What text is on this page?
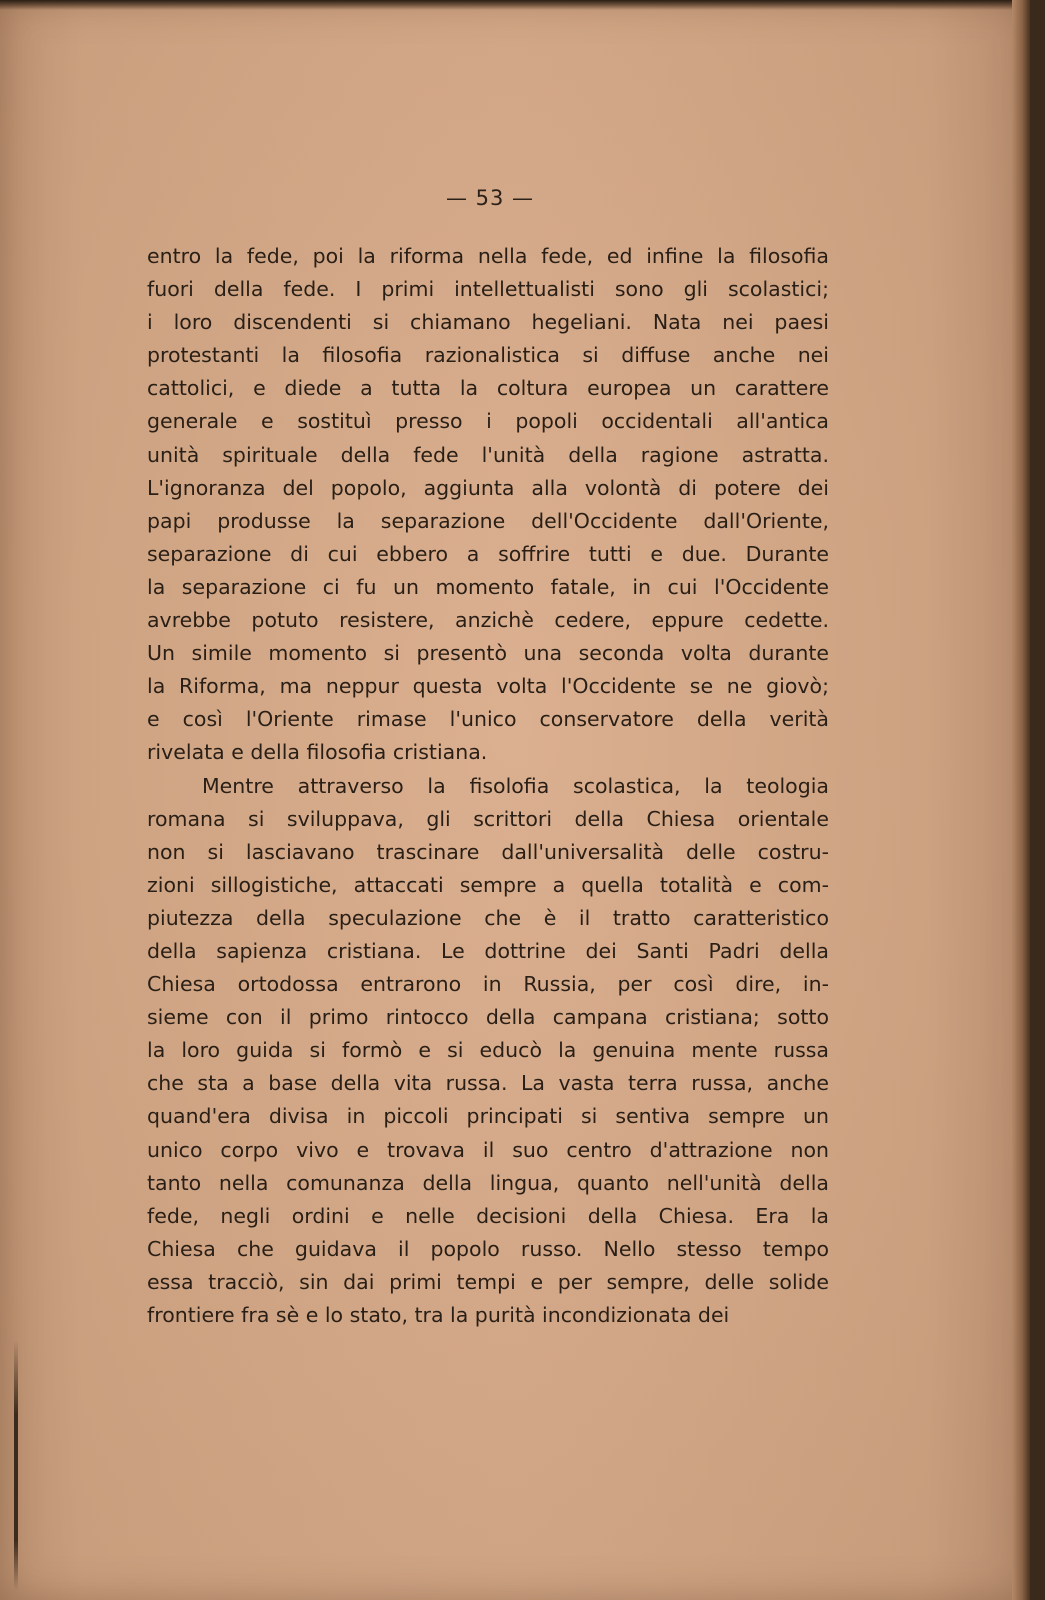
— 53 —
entro la fede, poi la riforma nella fede, ed infine la filosofia
fuori della fede. I primi intellettualisti sono gli scolastici;
i loro discendenti si chiamano hegeliani. Nata nei paesi
protestanti la filosofia razionalistica si diffuse anche nei
cattolici, e diede a tutta la coltura europea un carattere
generale e sostituì presso i popoli occidentali all'antica
unità spirituale della fede l'unità della ragione astratta.
L'ignoranza del popolo, aggiunta alla volontà di potere dei
papi produsse la separazione dell'Occidente dall'Oriente,
separazione di cui ebbero a soffrire tutti e due. Durante
la separazione ci fu un momento fatale, in cui l'Occidente
avrebbe potuto resistere, anzichè cedere, eppure cedette.
Un simile momento si presentò una seconda volta durante
la Riforma, ma neppur questa volta l'Occidente se ne giovò;
e così l'Oriente rimase l'unico conservatore della verità
rivelata e della filosofia cristiana.
Mentre attraverso la fisolofia scolastica, la teologia
romana si sviluppava, gli scrittori della Chiesa orientale
non si lasciavano trascinare dall'universalità delle costru-
zioni sillogistiche, attaccati sempre a quella totalità e com-
piutezza della speculazione che è il tratto caratteristico
della sapienza cristiana. Le dottrine dei Santi Padri della
Chiesa ortodossa entrarono in Russia, per così dire, in-
sieme con il primo rintocco della campana cristiana; sotto
la loro guida si formò e si educò la genuina mente russa
che sta a base della vita russa. La vasta terra russa, anche
quand'era divisa in piccoli principati si sentiva sempre un
unico corpo vivo e trovava il suo centro d'attrazione non
tanto nella comunanza della lingua, quanto nell'unità della
fede, negli ordini e nelle decisioni della Chiesa. Era la
Chiesa che guidava il popolo russo. Nello stesso tempo
essa tracciò, sin dai primi tempi e per sempre, delle solide
frontiere fra sè e lo stato, tra la purità incondizionata dei
